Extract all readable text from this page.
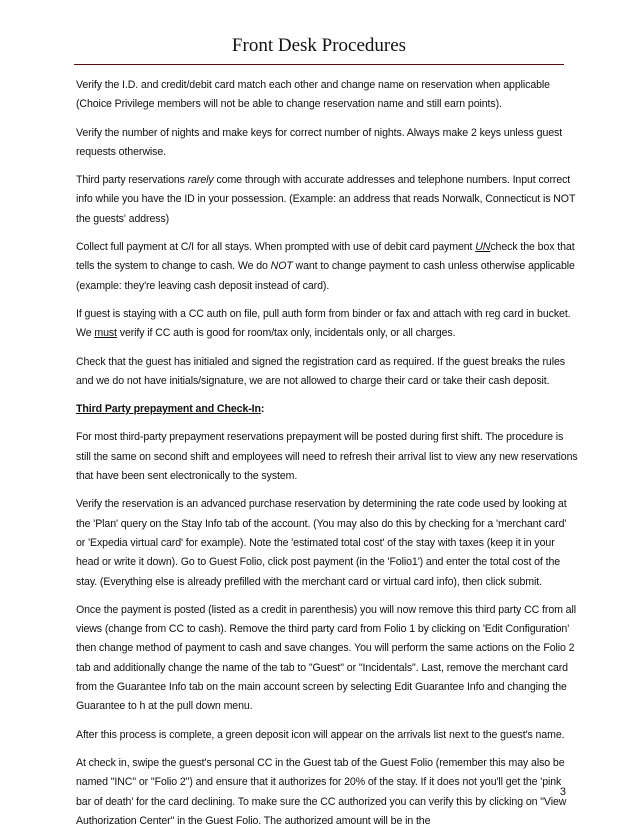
Front Desk Procedures

Verify the I.D. and credit/debit card match each other and change name on reservation when applicable (Choice Privilege members will not be able to change reservation name and still earn points).

Verify the number of nights and make keys for correct number of nights. Always make 2 keys unless guest requests otherwise.

Third party reservations rarely come through with accurate addresses and telephone numbers. Input correct info while you have the ID in your possession. (Example: an address that reads Norwalk, Connecticut is NOT the guests' address)

Collect full payment at C/I for all stays. When prompted with use of debit card payment UNcheck the box that tells the system to change to cash. We do NOT want to change payment to cash unless otherwise applicable (example: they're leaving cash deposit instead of card).

If guest is staying with a CC auth on file, pull auth form from binder or fax and attach with reg card in bucket. We must verify if CC auth is good for room/tax only, incidentals only, or all charges.

Check that the guest has initialed and signed the registration card as required. If the guest breaks the rules and we do not have initials/signature, we are not allowed to charge their card or take their cash deposit.

Third Party prepayment and Check-In:

For most third-party prepayment reservations prepayment will be posted during first shift. The procedure is still the same on second shift and employees will need to refresh their arrival list to view any new reservations that have been sent electronically to the system.

Verify the reservation is an advanced purchase reservation by determining the rate code used by looking at the 'Plan' query on the Stay Info tab of the account. (You may also do this by checking for a 'merchant card' or 'Expedia virtual card' for example). Note the 'estimated total cost' of the stay with taxes (keep it in your head or write it down). Go to Guest Folio, click post payment (in the 'Folio1') and enter the total cost of the stay. (Everything else is already prefilled with the merchant card or virtual card info), then click submit.

Once the payment is posted (listed as a credit in parenthesis) you will now remove this third party CC from all views (change from CC to cash). Remove the third party card from Folio 1 by clicking on 'Edit Configuration' then change method of payment to cash and save changes. You will perform the same actions on the Folio 2 tab and additionally change the name of the tab to "Guest" or "Incidentals". Last, remove the merchant card from the Guarantee Info tab on the main account screen by selecting Edit Guarantee Info and changing the Guarantee to h at the pull down menu.

After this process is complete, a green deposit icon will appear on the arrivals list next to the guest's name.

At check in, swipe the guest's personal CC in the Guest tab of the Guest Folio (remember this may also be named "INC" or "Folio 2") and ensure that it authorizes for 20% of the stay. If it does not you'll get the 'pink bar of death' for the card declining. To make sure the CC authorized you can verify this by clicking on "View Authorization Center" in the Guest Folio. The authorized amount will be in the

3
